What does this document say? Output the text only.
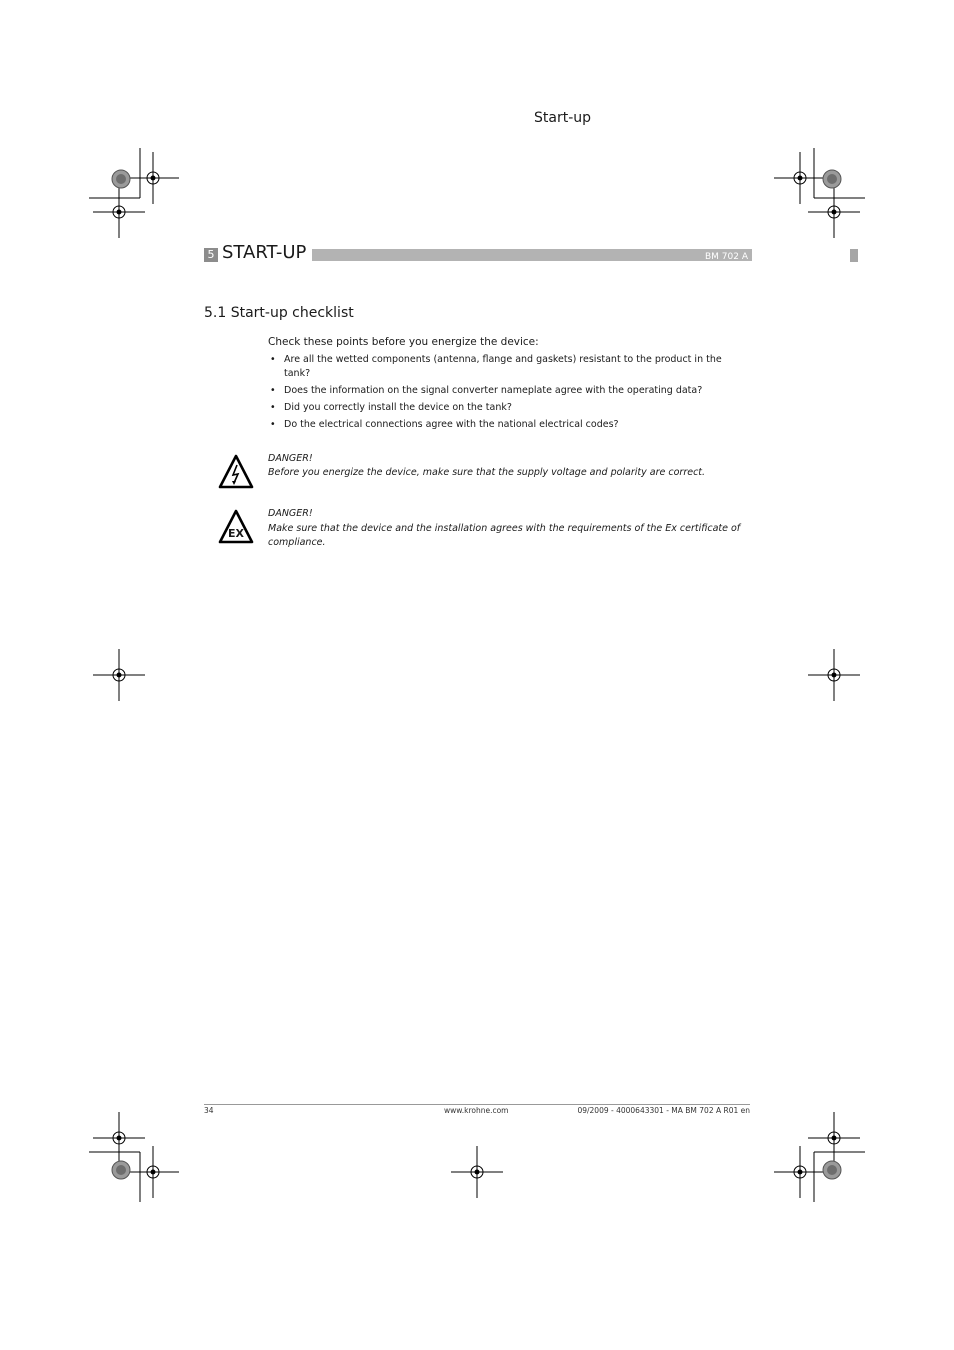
Start-up
BM 702 A
5 START-UP
5.1 Start-up checklist
Check these points before you energize the device:
• Are all the wetted components (antenna, flange and gaskets) resistant to the product in the tank?
• Does the information on the signal converter nameplate agree with the operating data?
• Did you correctly install the device on the tank?
• Do the electrical connections agree with the national electrical codes?
DANGER!
Before you energize the device, make sure that the supply voltage and polarity are correct.
EX
DANGER!
Make sure that the device and the installation agrees with the requirements of the Ex certificate of compliance.
34	www.krohne.com	09/2009 - 4000643301 - MA BM 702 A R01 en
